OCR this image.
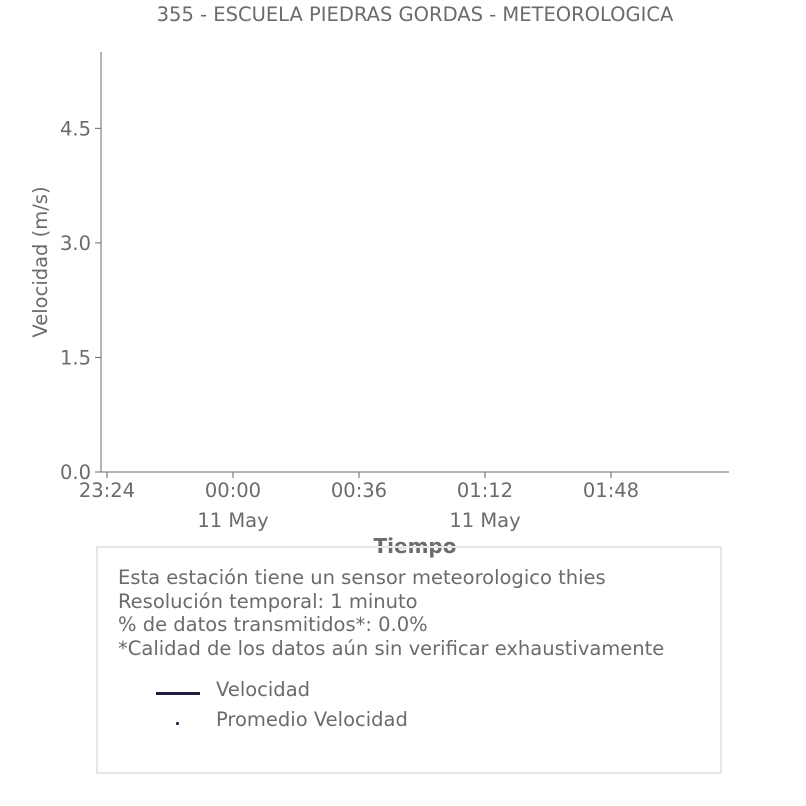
355 - ESCUELA PIEDRAS GORDAS - METEOROLOGICA
0.0
1.5
3.0
4.5
23:24	00:00
11 May
00:36	01:12
11 May
01:48
Velocidad (m/s)
Tiempo
Esta estación tiene un sensor meteorologico thies
Resolución temporal: 1 minuto
% de datos transmitidos*: 0.0%
*Calidad de los datos aún sin verificar exhaustivamente
Velocidad
Promedio Velocidad
